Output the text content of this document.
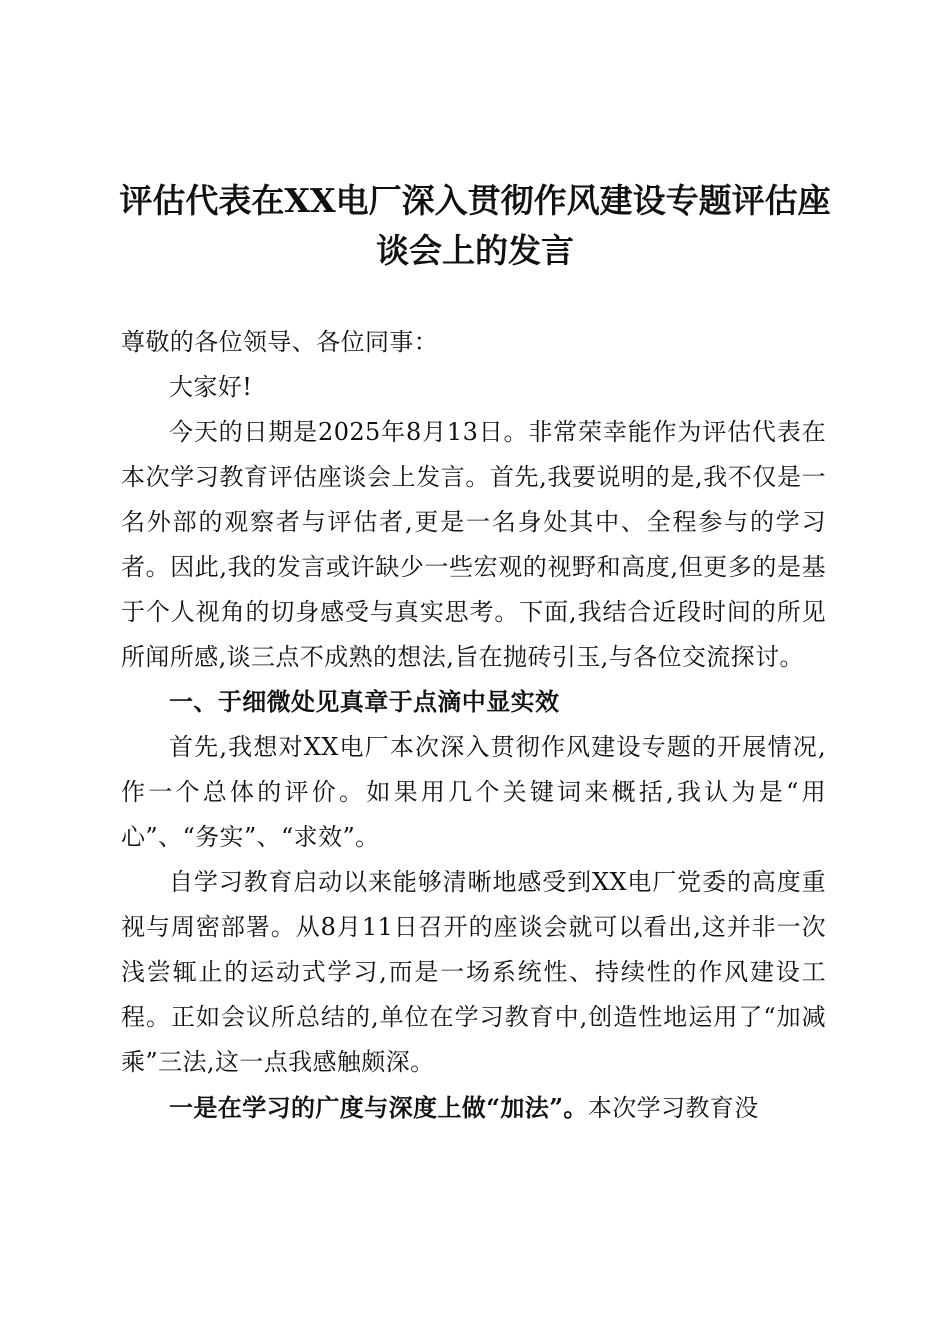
评估代表在XX电厂深入贯彻作风建设专题评估座谈会上的发言

尊敬的各位领导、各位同事：

大家好!

今天的日期是2025年8月13日。非常荣幸能作为评估代表在本次学习教育评估座谈会上发言。首先,我要说明的是,我不仅是一名外部的观察者与评估者,更是一名身处其中、全程参与的学习者。因此,我的发言或许缺少一些宏观的视野和高度,但更多的是基于个人视角的切身感受与真实思考。下面,我结合近段时间的所见所闻所感,谈三点不成熟的想法,旨在抛砖引玉,与各位交流探讨。

一、于细微处见真章于点滴中显实效

首先,我想对XX电厂本次深入贯彻作风建设专题的开展情况,作一个总体的评价。如果用几个关键词来概括,我认为是“用心”、“务实”、“求效”。

自学习教育启动以来能够清晰地感受到XX电厂党委的高度重视与周密部署。从8月11日召开的座谈会就可以看出,这并非一次浅尝辄止的运动式学习,而是一场系统性、持续性的作风建设工程。正如会议所总结的,单位在学习教育中,创造性地运用了“加减乘”三法,这一点我感触颇深。

一是在学习的广度与深度上做“加法”。本次学习教育没
